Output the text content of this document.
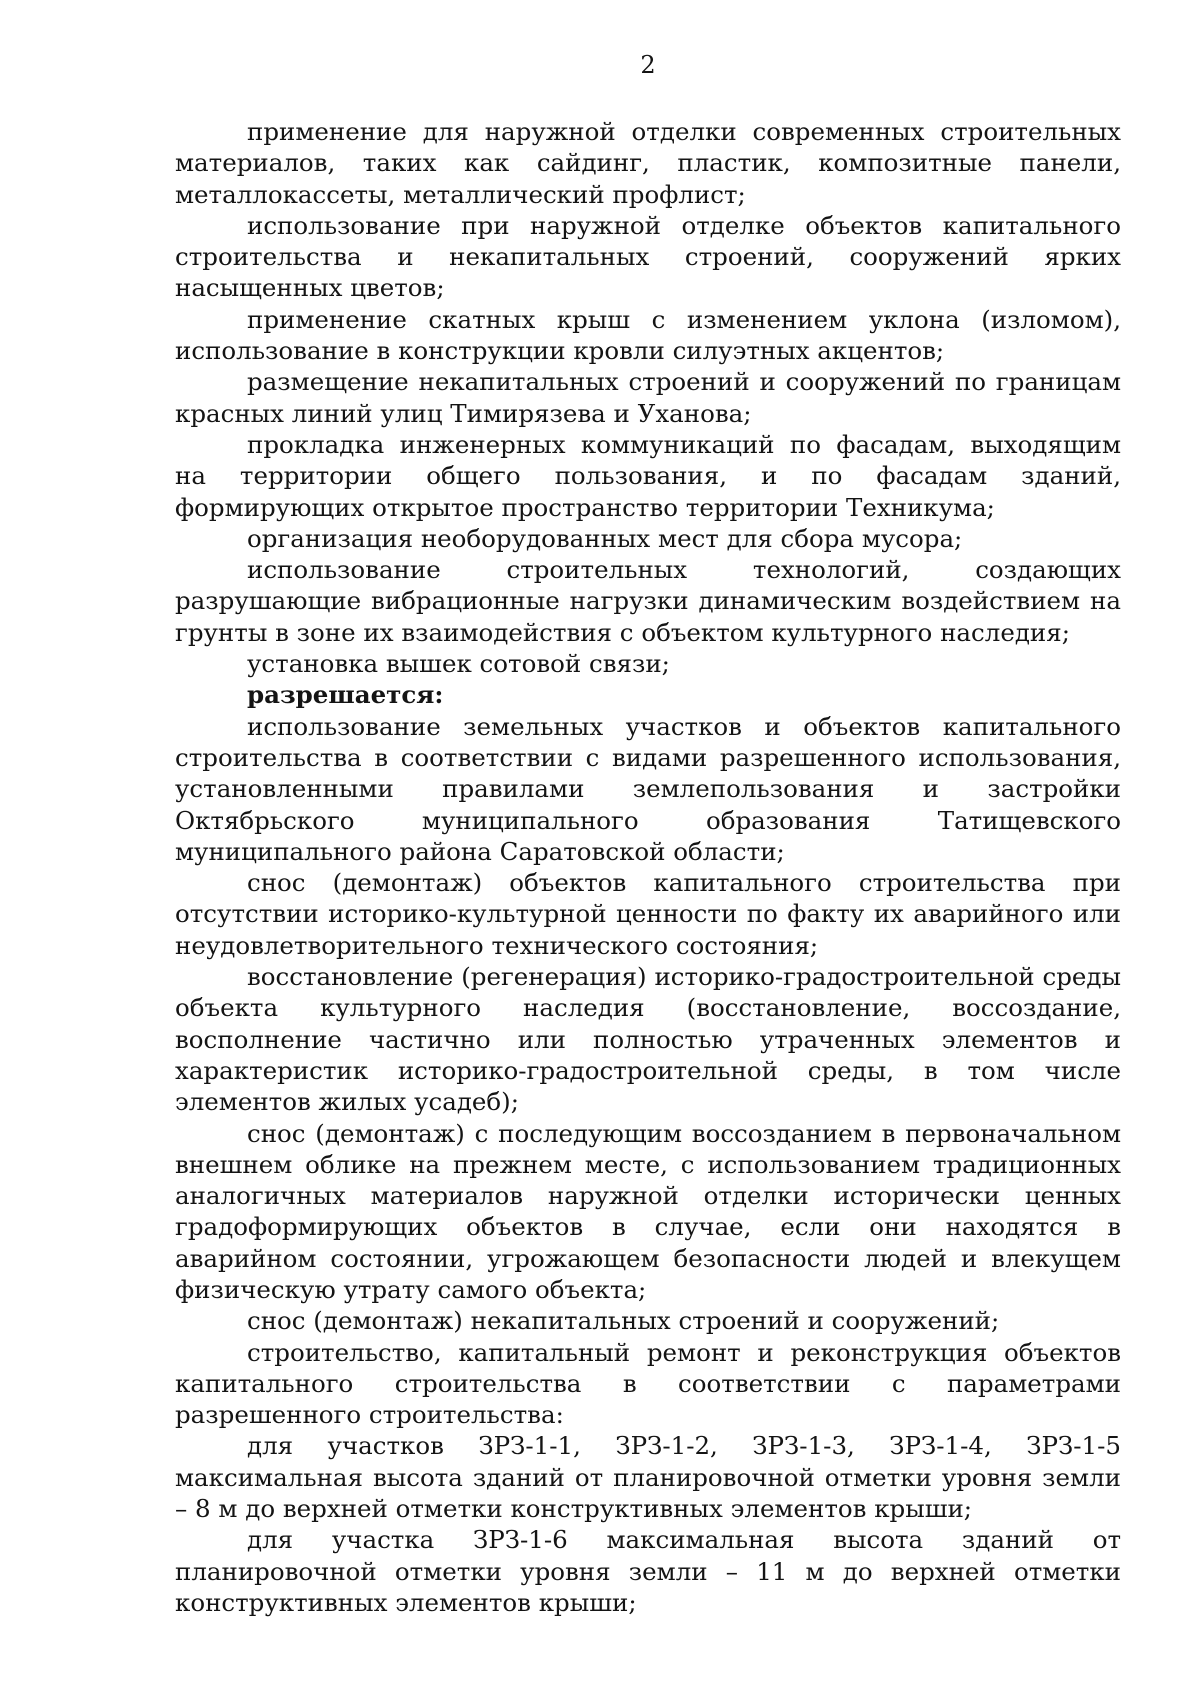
2

применение для наружной отделки современных строительных материалов, таких как сайдинг, пластик, композитные панели, металлокассеты, металлический профлист;

использование при наружной отделке объектов капитального строительства и некапитальных строений, сооружений ярких насыщенных цветов;

применение скатных крыш с изменением уклона (изломом), использование в конструкции кровли силуэтных акцентов;

размещение некапитальных строений и сооружений по границам красных линий улиц Тимирязева и Уханова;

прокладка инженерных коммуникаций по фасадам, выходящим на территории общего пользования, и по фасадам зданий, формирующих открытое пространство территории Техникума;

организация необорудованных мест для сбора мусора;

использование строительных технологий, создающих разрушающие вибрационные нагрузки динамическим воздействием на грунты в зоне их взаимодействия с объектом культурного наследия;

установка вышек сотовой связи;

разрешается:

использование земельных участков и объектов капитального строительства в соответствии с видами разрешенного использования, установленными правилами землепользования и застройки Октябрьского муниципального образования Татищевского муниципального района Саратовской области;

снос (демонтаж) объектов капитального строительства при отсутствии историко-культурной ценности по факту их аварийного или неудовлетворительного технического состояния;

восстановление (регенерация) историко-градостроительной среды объекта культурного наследия (восстановление, воссоздание, восполнение частично или полностью утраченных элементов и характеристик историко-градостроительной среды, в том числе элементов жилых усадеб);

снос (демонтаж) с последующим воссозданием в первоначальном внешнем облике на прежнем месте, с использованием традиционных аналогичных материалов наружной отделки исторически ценных градоформирующих объектов в случае, если они находятся в аварийном состоянии, угрожающем безопасности людей и влекущем физическую утрату самого объекта;

снос (демонтаж) некапитальных строений и сооружений;

строительство, капитальный ремонт и реконструкция объектов капитального строительства в соответствии с параметрами разрешенного строительства:

для участков ЗРЗ-1-1, ЗРЗ-1-2, ЗРЗ-1-3, ЗРЗ-1-4, ЗРЗ-1-5 максимальная высота зданий от планировочной отметки уровня земли – 8 м до верхней отметки конструктивных элементов крыши;

для участка ЗРЗ-1-6 максимальная высота зданий от планировочной отметки уровня земли – 11 м до верхней отметки конструктивных элементов крыши;
